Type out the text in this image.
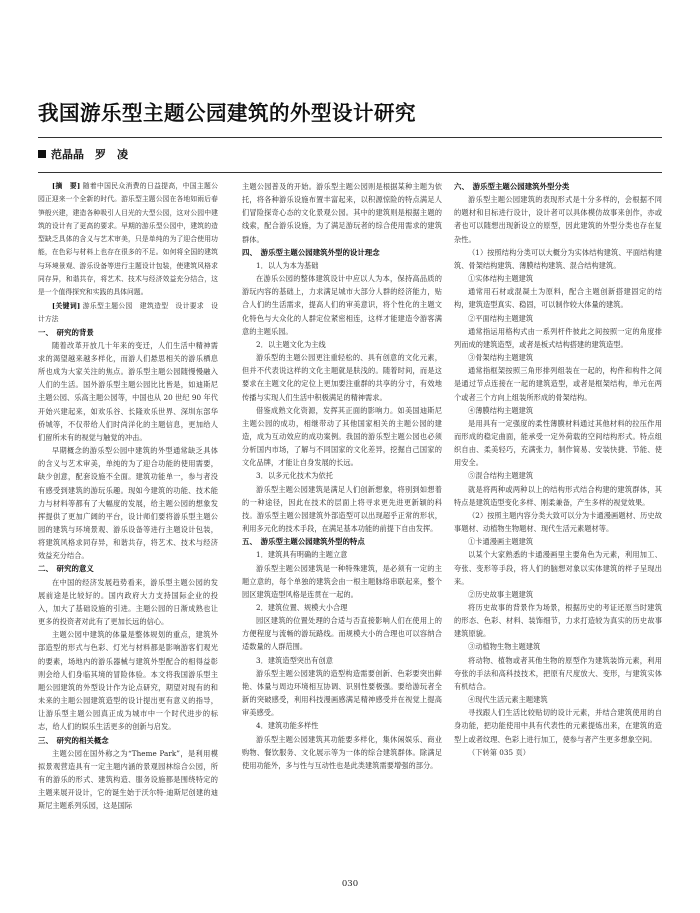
我国游乐型主题公园建筑的外型设计研究
范晶晶　罗　凌

[摘　要] 随着中国民众消费的日益提高，中国主题公园正迎来一个全新的时代。游乐型主题公园在各地如雨后春笋般兴建，建造各种吸引人目光的大型公园，这对公园中建筑的设计有了更高的要求。早期的游乐型公园中，建筑的造型缺乏具体的含义与艺术审美，只是单纯的为了迎合使用功能，在色彩与材料上也存在很多的不足。如何将全国的建筑与环境景观、游乐设备等进行主题设计包装，使建筑风格求同存异，和谐共存，将艺术、技术与经济效益充分结合，这是一个值得探究和实践的具体问题。

[关键词] 游乐型主题公园　建筑造型　设计要求　设计方法

一、　研究的背景

随着改革开放几十年来的变迁，人们生活中精神需求的渴望越来越多样化，而游人们悬思相关的游乐栖息所也成为大家关注的焦点。游乐型主题公园随慢慢融入人们的生活。国外游乐型主题公园比比皆是，如迪斯尼主题公园、乐高主题公园等，中国也从 20 世纪 90 年代开始兴建起来，如欢乐谷、长隆欢乐世界、深圳东部华侨城等，不仅带给人们时尚洋化的主题信息，更加给人们留所未有的视觉与触觉的冲击。

早期概念的游乐型公园中建筑的外型通常缺乏具体的含义与艺术审美，单纯的为了迎合功能的使用需要，缺少创意，配套设施不全面。建筑功能单一，参与者没有感受到建筑的游玩乐趣。现如今建筑的功能、技术能力与材料等都有了大幅度的发展，给主题公园的想象发挥提供了更加广阔的平台，设计师们要将游乐型主题公园的建筑与环境景观、游乐设备等进行主题设计包装，将建筑风格求同存异，和谐共存，将艺术、技术与经济效益充分结合。

二、　研究的意义

在中国的经济发展趋势看来，游乐型主题公园的发展前途是比较好的。国内政府大力支持国际企业的投入，加大了基础设施的引进。主题公园的日渐成熟也让更多的投资者对此有了更加长远的信心。

主题公园中建筑的体量是整体规划的重点，建筑外部造型的形式与色彩、灯光与材料都是影响游客们观光的要素，场地内的游乐器械与建筑外型配合的相得益彰则会给人们身临其境的冒险体验。本文将我国游乐型主题公园建筑的外型设计作为论点研究，期望对现有的和未来的主题公园建筑造型的设计提出更有意义的指导，让游乐型主题公园真正成为城市中一个时代进步的标志，给人们的娱乐生活更多的创新与启发。

三、　研究的相关概念

主题公园在国外称之为“Theme Park”，是利用模拟景观营造具有一定主题内涵的景观园林综合公园，所有的游乐的形式、建筑构造、服务设施都是围绕特定的主题来展开设计，它的诞生始于沃尔特·迪斯尼创建的迪斯尼主题系列乐园，这是国际

主题公园普及的开始。游乐型主题公园则是根据某种主题为依托，将各种游乐设施布置丰富起来，以积源惊险的特点满足人们冒险探奇心态的文化景观公园。其中的建筑则是根据主题的线索，配合游乐设施，为了满足游玩者的综合使用需求的建筑群体。

四、　游乐型主题公园建筑外型的设计理念

1．以人为本为基础

在游乐公园的整体建筑设计中应以人为本，保持高品质的游玩内容的基础上，力求满足城市大部分人群的经济能力，贴合人们的生活需求，提高人们的审美意识，将个性化的主题文化特色与大众化的人群定位紧密相连，这样才能建造令游客满意的主题乐园。

2．以主题文化为主线

游乐型的主题公园更注重轻松的、具有创意的文化元素，但并不代表说这样的文化主题就是肤浅的。随着时间，而是这要求在主题文化的定位上更加要注重群的共享的分寸，有效地传播与实现人们生活中积极满足的精神需求。

借鉴成熟文化资源，发挥其正面的影响力。如美国迪斯尼主题公园的成功，相继带动了其他国家相关的主题公园的建造，成为互动效应的成功案例。我国的游乐型主题公园也必须分析国内市场，了解与不同国家的文化差异，挖掘自己国家的文化品牌，才能让自身发展的长远。

3．以多元化技术为依托

游乐型主题公园建筑是满足人们创新想象，将别到如想着的一种途径，因此在技术的层面上将寻求更先进更新颖的科技。游乐型主题公园建筑外部造型可以出现超乎正常的形状，利用多元化的技术手段，在满足基本功能的前提下自由发挥。

五、　游乐型主题公园建筑外型的特点

1．建筑具有明确的主题立意

游乐型主题公园建筑是一种特殊建筑，是必须有一定的主题立意的，每个单独的建筑会由一根主题脉络串联起来，整个园区建筑造型风格是连贯在一起的。

2．建筑位置、规模大小合理

园区建筑的位置处理的合适与否直接影响人们在使用上的方便程度与流畅的游玩路线。而规模大小的合理也可以容纳合适数量的人群范围。

3．建筑造型突出有创意

游乐型主题公园建筑的造型构造需要创新、色彩要突出鲜艳、体量与周边环境相互协调、识别性要极强。要给游玩者全新的突破感受，利用科技漫画感满足精神感受并在视觉上提高审美感受。

4．建筑功能多样性

游乐型主题公园建筑其功能要多样化，集休闲娱乐、商业购物、餐饮服务、文化展示等为一体的综合建筑群体。除满足使用功能外，多与性与互动性也是此类建筑需要增强的部分。

六、　游乐型主题公园建筑外型分类

游乐型主题公园建筑的表现形式是十分多样的，会根据不同的题材和目标进行设计，设计者可以具体模仿故事来创作，亦或者也可以随想出现新设立的原型，因此建筑的外型分类也存在复杂性。

（1）按照结构分类可以大概分为实体结构建筑、平面结构建筑、骨架结构建筑、薄膜结构建筑、混合结构建筑。

①实体结构主题建筑

通常用石材或混凝土为原料，配合主题创新搭建固定的结构，建筑造型真实、稳固，可以制作较大体量的建筑。

②平面结构主题建筑

通常指运用格构式由一系列杆件彼此之间按照一定的角度排列而成的建筑造型，或者是板式结构搭建的建筑造型。

③骨架结构主题建筑

通常指框架按照三角形排列组装在一起的，构件和构件之间是通过节点连接在一起的建筑造型，或者是框架结构，单元在两个或者三个方向上组装所形成的骨架结构。

④薄膜结构主题建筑

是用具有一定强度的柔性薄膜材料通过其他材料的拉压作用而形成的稳定曲面，能承受一定外荷载的空间结构形式。特点组织自由、柔美轻巧，充满张力，制作简易、安装快捷、节能、使用安全。

⑤混合结构主题建筑

就是将两种或两种以上的结构形式结合构建的建筑群体，其特点是建筑造型变化多样、刚柔兼备，产生多样的视觉效果。

（2）按照主题内容分类大致可以分为卡通漫画题材、历史故事题材、动植物生物题材、现代生活元素题材等。

①卡通漫画主题建筑

以某个大家熟悉的卡通漫画里主要角色为元素，利用加工、夸张、变形等手段，将人们的脑想对象以实体建筑的样子呈现出来。

②历史故事主题建筑

将历史故事的背景作为场景，根据历史的考证还原当时建筑的形态、色彩、材料、装饰细节，力求打造较为真实的历史故事建筑原貌。

③动植物生物主题建筑

将动物、植物或者其他生物的原型作为建筑装饰元素，利用夸张的手法和高科技技术，把原有尺度放大、变形，与建筑实体有机结合。

④现代生活元素主题建筑

寻找跟人们生活比较贴切的设计元素，并结合建筑使用的自身功能，把功能使用中具有代表性的元素提炼出来，在建筑的造型上或者纹理、色彩上进行加工，使参与者产生更多想象空间。

（下转第 035 页）

030
